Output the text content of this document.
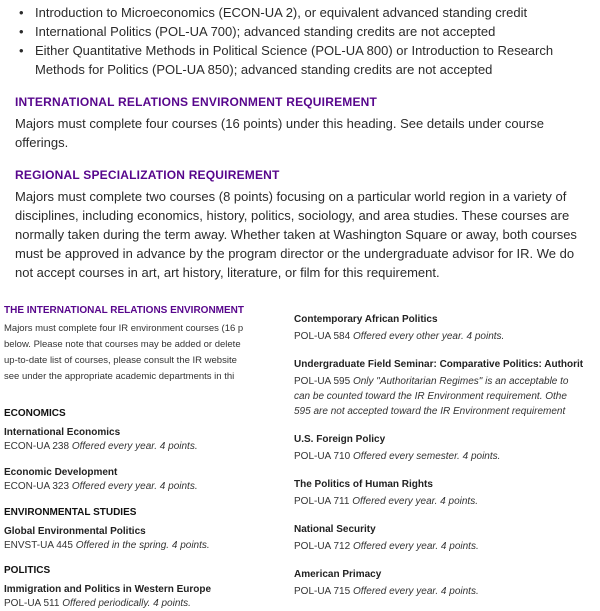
• Introduction to Microeconomics (ECON-UA 2), or equivalent advanced standing credit
• International Politics (POL-UA 700); advanced standing credits are not accepted
• Either Quantitative Methods in Political Science (POL-UA 800) or Introduction to Research Methods for Politics (POL-UA 850); advanced standing credits are not accepted
INTERNATIONAL RELATIONS ENVIRONMENT REQUIREMENT
Majors must complete four courses (16 points) under this heading. See details under course offerings.
REGIONAL SPECIALIZATION REQUIREMENT
Majors must complete two courses (8 points) focusing on a particular world region in a variety of disciplines, including economics, history, politics, sociology, and area studies. These courses are normally taken during the term away. Whether taken at Washington Square or away, both courses must be approved in advance by the program director or the undergraduate advisor for IR. We do not accept courses in art, art history, literature, or film for this requirement.
THE INTERNATIONAL RELATIONS ENVIRONMENT
Majors must complete four IR environment courses (16 p
below. Please note that courses may be added or delete
up-to-date list of courses, please consult the IR website
see under the appropriate academic departments in thi
ECONOMICS
International Economics
ECON-UA 238 Offered every year. 4 points.
Economic Development
ECON-UA 323 Offered every year. 4 points.
ENVIRONMENTAL STUDIES
Global Environmental Politics
ENVST-UA 445 Offered in the spring. 4 points.
POLITICS
Immigration and Politics in Western Europe
POL-UA 511 Offered periodically. 4 points.
Contemporary African Politics
POL-UA 584 Offered every other year. 4 points.
Undergraduate Field Seminar: Comparative Politics: Authorit
POL-UA 595 Only "Authoritarian Regimes" is an acceptable to
can be counted toward the IR Environment requirement. Othe
595 are not accepted toward the IR Environment requirement
U.S. Foreign Policy
POL-UA 710 Offered every semester. 4 points.
The Politics of Human Rights
POL-UA 711 Offered every year. 4 points.
National Security
POL-UA 712 Offered every year. 4 points.
American Primacy
POL-UA 715 Offered every year. 4 points.
